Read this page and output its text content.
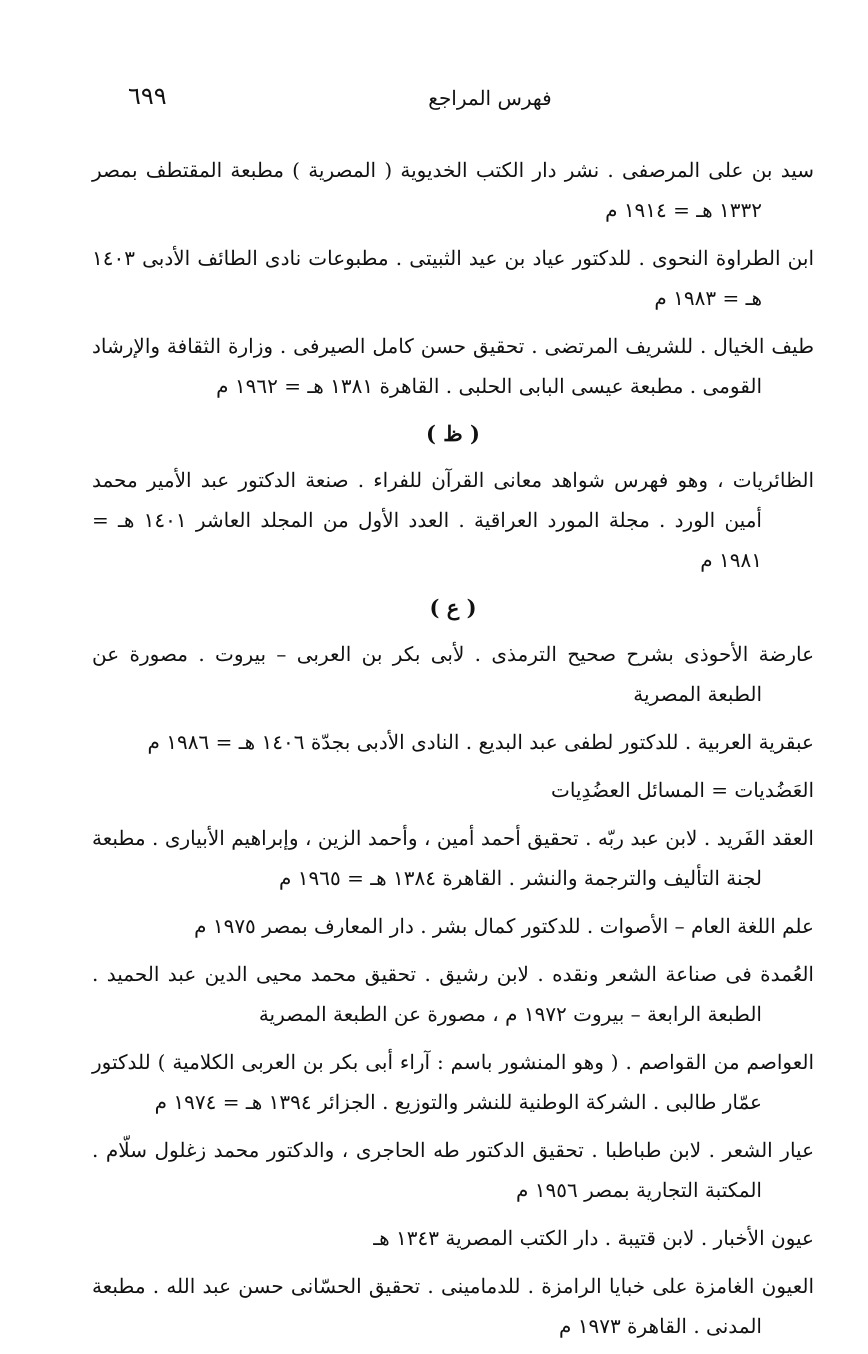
٦٩٩	فهرس المراجع
سيد بن على المرصفى . نشر دار الكتب الخديوية ( المصرية ) مطبعة المقتطف بمصر ١٣٣٢ هـ = ١٩١٤ م
ابن الطراوة النحوى . للدكتور عياد بن عيد الثبيتى . مطبوعات نادى الطائف الأدبى ١٤٠٣ هـ = ١٩٨٣ م
طيف الخيال . للشريف المرتضى . تحقيق حسن كامل الصيرفى . وزارة الثقافة والإرشاد القومى . مطبعة عيسى البابى الحلبى . القاهرة ١٣٨١ هـ = ١٩٦٢ م
( ظ )
الظائريات ، وهو فهرس شواهد معانى القرآن للفراء . صنعة الدكتور عبد الأمير محمد أمين الورد . مجلة المورد العراقية . العدد الأول من المجلد العاشر ١٤٠١ هـ = ١٩٨١ م
( ع )
عارضة الأحوذى بشرح صحيح الترمذى . لأبى بكر بن العربى – بيروت . مصورة عن الطبعة المصرية
عبقرية العربية . للدكتور لطفى عبد البديع . النادى الأدبى بجدّة ١٤٠٦ هـ = ١٩٨٦ م
العَضُديات = المسائل العضُدِيات
العقد الفَريد . لابن عبد ربّه . تحقيق أحمد أمين ، وأحمد الزين ، وإبراهيم الأبيارى . مطبعة لجنة التأليف والترجمة والنشر . القاهرة ١٣٨٤ هـ = ١٩٦٥ م
علم اللغة العام – الأصوات . للدكتور كمال بشر . دار المعارف بمصر ١٩٧٥ م
العُمدة فى صناعة الشعر ونقده . لابن رشيق . تحقيق محمد محيى الدين عبد الحميد . الطبعة الرابعة – بيروت ١٩٧٢ م ، مصورة عن الطبعة المصرية
العواصم من القواصم . ( وهو المنشور باسم : آراء أبى بكر بن العربى الكلامية ) للدكتور عمّار طالبى . الشركة الوطنية للنشر والتوزيع . الجزائر ١٣٩٤ هـ = ١٩٧٤ م
عيار الشعر . لابن طباطبا . تحقيق الدكتور طه الحاجرى ، والدكتور محمد زغلول سلّام . المكتبة التجارية بمصر ١٩٥٦ م
عيون الأخبار . لابن قتيبة . دار الكتب المصرية ١٣٤٣ هـ
العيون الغامزة على خبايا الرامزة . للدمامينى . تحقيق الحسّانى حسن عبد الله . مطبعة المدنى . القاهرة ١٩٧٣ م
